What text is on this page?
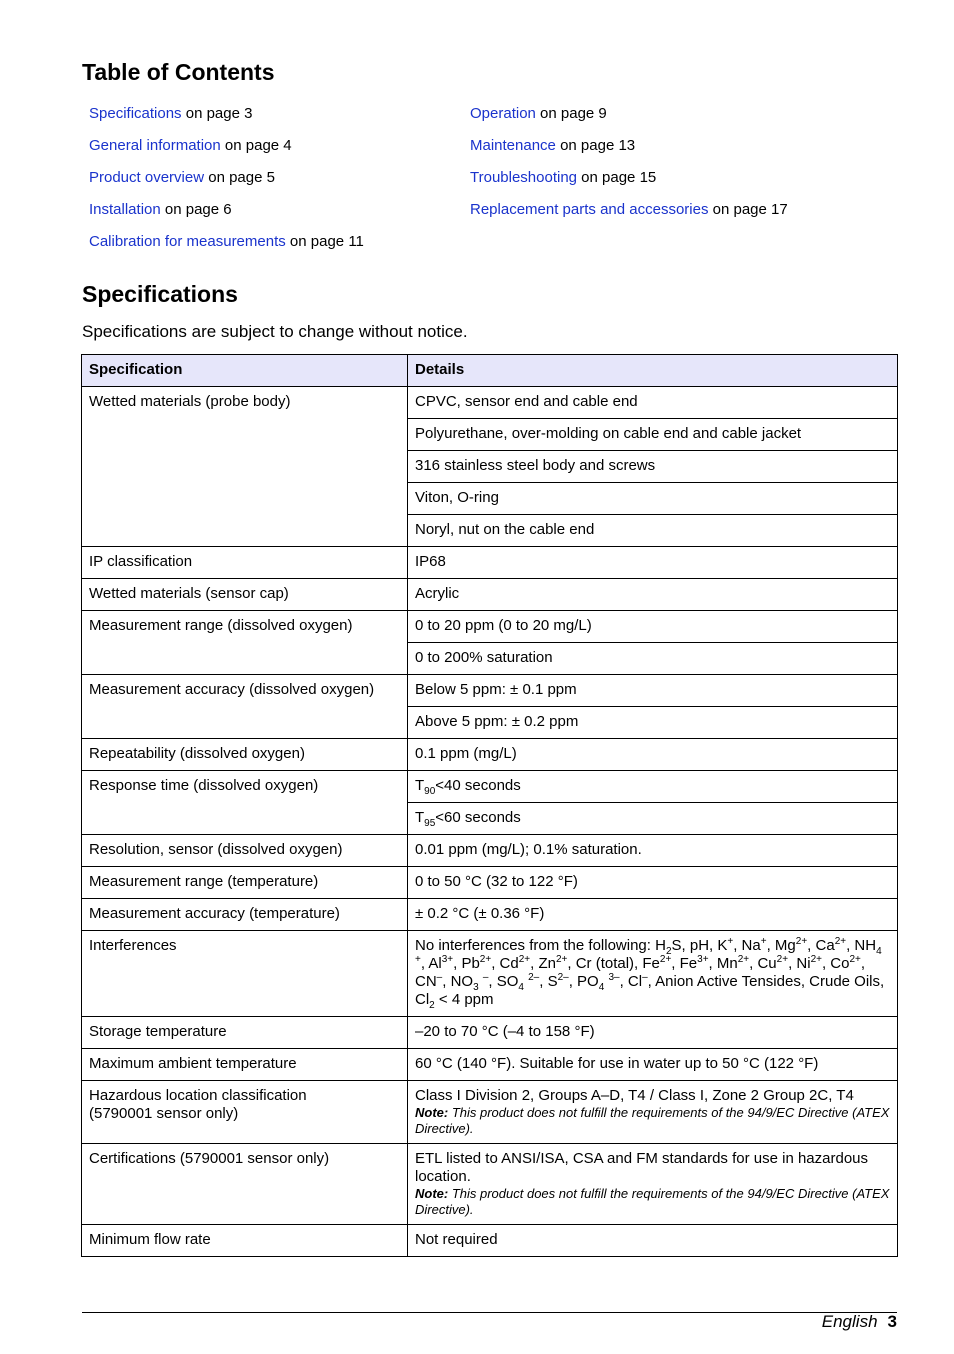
Table of Contents
Specifications on page 3
General information on page 4
Product overview on page 5
Installation on page 6
Calibration for measurements on page 11
Operation on page 9
Maintenance on page 13
Troubleshooting on page 15
Replacement parts and accessories on page 17
Specifications
Specifications are subject to change without notice.
Specification	Details
Wetted materials (probe body)	CPVC, sensor end and cable end
	Polyurethane, over-molding on cable end and cable jacket
	316 stainless steel body and screws
	Viton, O-ring
	Noryl, nut on the cable end
IP classification	IP68
Wetted materials (sensor cap)	Acrylic
Measurement range (dissolved oxygen)	0 to 20 ppm (0 to 20 mg/L)
	0 to 200% saturation
Measurement accuracy (dissolved oxygen)	Below 5 ppm: ± 0.1 ppm
	Above 5 ppm: ± 0.2 ppm
Repeatability (dissolved oxygen)	0.1 ppm (mg/L)
Response time (dissolved oxygen)	$T_{90}<40$ seconds
	$T_{95}<60$ seconds
Resolution, sensor (dissolved oxygen)	0.01 ppm (mg/L); 0.1% saturation.
Measurement range (temperature)	0 to 50 °C (32 to 122 °F)
Measurement accuracy (temperature)	± 0.2 °C (± 0.36 °F)
Interferences	No interferences from the following: $H_2S$, pH, K+, Na+, $Mg^{2+}$, $Ca^{2+}$, $NH_4$ +, $Al^{3+}$, $Pb^{2+}$, $Cd^{2+}$, $Zn^{2+}$, Cr (total), $Fe^{2+}$, $Fe^{3+}$, $Mn^{2+}$, $Cu^{2+}$, $Ni^{2+}$, $Co^{2+}$, CN–, $NO_3$ –, $SO_4$ $^{2-}$, $S^{2-}$, $PO_4$ $^{3-}$, Cl–, Anion Active Tensides, Crude Oils, $Cl_2 < 4$ ppm
Storage temperature	–20 to 70 °C (–4 to 158 °F)
Maximum ambient temperature	60 °C (140 °F). Suitable for use in water up to 50 °C (122 °F)
Hazardous location classification
(5790001 sensor only)	Class I Division 2, Groups A–D, T4 / Class I, Zone 2 Group 2C, T4
Note: This product does not fulfill the requirements of the 94/9/EC Directive (ATEX Directive).

Certifications (5790001 sensor only)	ETL listed to ANSI/ISA, CSA and FM standards for use in hazardous location.
Note: This product does not fulfill the requirements of the 94/9/EC Directive (ATEX Directive).

Minimum flow rate	Not required
English 3
